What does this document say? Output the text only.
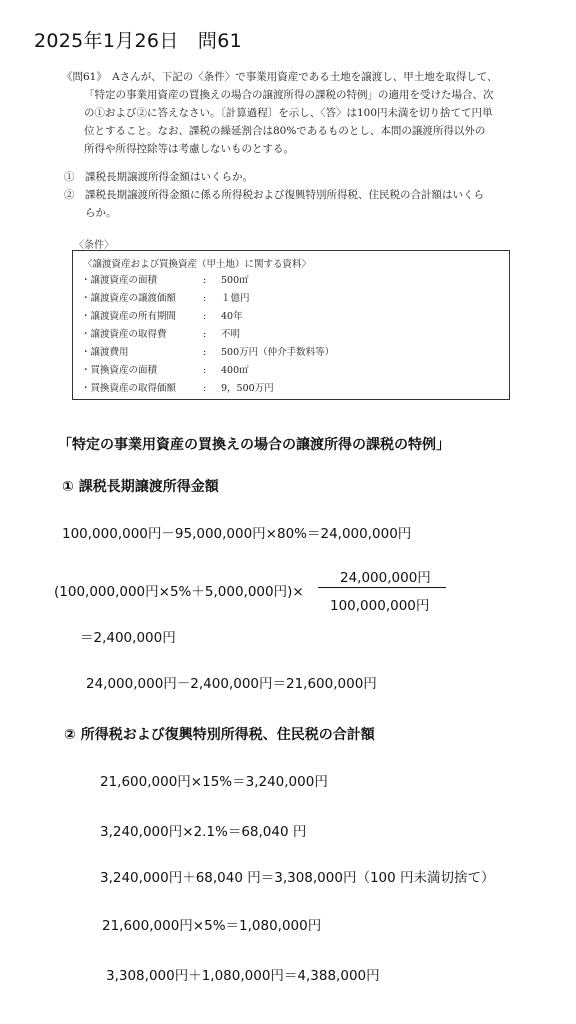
2025年1月26日　問61
《問61》　Aさんが、下記の〈条件〉で事業用資産である土地を譲渡し、甲土地を取得して、
「特定の事業用資産の買換えの場合の譲渡所得の課税の特例」の適用を受けた場合、次
の①および②に答えなさい。〔計算過程〕を示し、〈答〉は100円未満を切り捨てて円単
位とすること。なお、課税の繰延割合は80%であるものとし、本問の譲渡所得以外の
所得や所得控除等は考慮しないものとする。
①　課税長期譲渡所得金額はいくらか。
②　課税長期譲渡所得金額に係る所得税および復興特別所得税、住民税の合計額はいくら
　　らか。
〈条件〉
〈譲渡資産および買換資産（甲土地）に関する資料〉
・譲渡資産の面積	: 500㎡
・譲渡資産の譲渡価額	: １億円
・譲渡資産の所有期間	: 40年
・譲渡資産の取得費	: 不明
・譲渡費用	: 500万円（仲介手数料等）
・買換資産の面積	: 400㎡
・買換資産の取得価額	: 9，500万円
「特定の事業用資産の買換えの場合の譲渡所得の課税の特例」
① 課税長期譲渡所得金額
100,000,000円－95,000,000円×80%＝24,000,000円
(100,000,000円×5%＋5,000,000円)×
24,000,000円
100,000,000円
＝2,400,000円
24,000,000円－2,400,000円＝21,600,000円
② 所得税および復興特別所得税、住民税の合計額
21,600,000円×15%＝3,240,000円
3,240,000円×2.1%＝68,040 円
3,240,000円＋68,040 円＝3,308,000円（100 円未満切捨て）
21,600,000円×5%＝1,080,000円
3,308,000円＋1,080,000円＝4,388,000円
